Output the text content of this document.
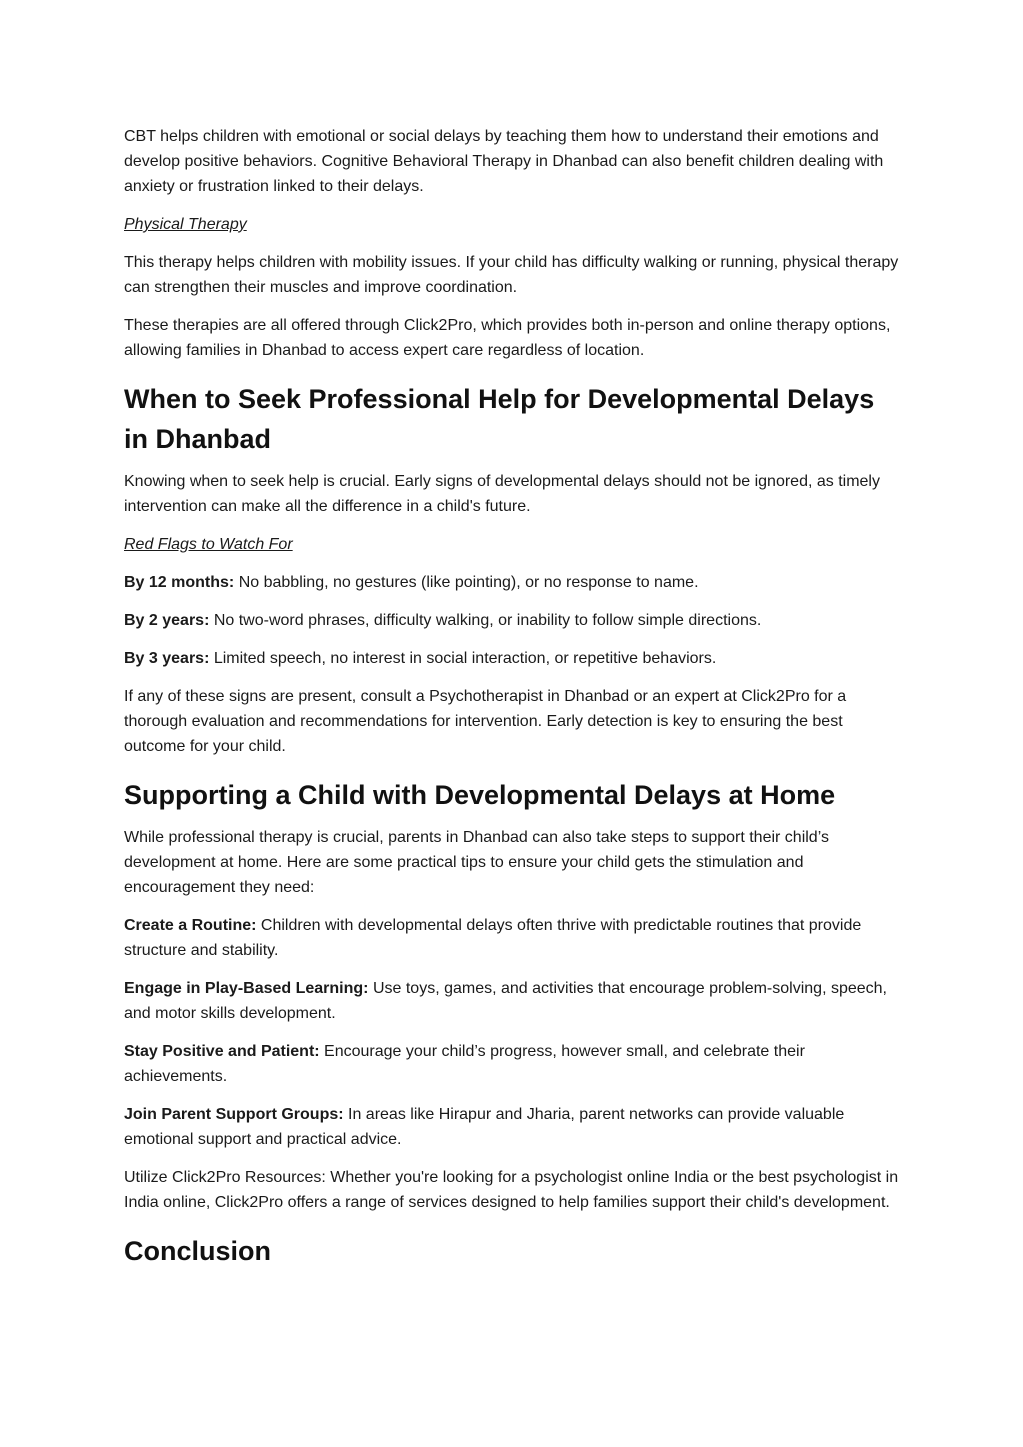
CBT helps children with emotional or social delays by teaching them how to understand their emotions and develop positive behaviors. Cognitive Behavioral Therapy in Dhanbad can also benefit children dealing with anxiety or frustration linked to their delays.

Physical Therapy

This therapy helps children with mobility issues. If your child has difficulty walking or running, physical therapy can strengthen their muscles and improve coordination.

These therapies are all offered through Click2Pro, which provides both in-person and online therapy options, allowing families in Dhanbad to access expert care regardless of location.

When to Seek Professional Help for Developmental Delays in Dhanbad

Knowing when to seek help is crucial. Early signs of developmental delays should not be ignored, as timely intervention can make all the difference in a child's future.

Red Flags to Watch For

By 12 months: No babbling, no gestures (like pointing), or no response to name.

By 2 years: No two-word phrases, difficulty walking, or inability to follow simple directions.

By 3 years: Limited speech, no interest in social interaction, or repetitive behaviors.

If any of these signs are present, consult a Psychotherapist in Dhanbad or an expert at Click2Pro for a thorough evaluation and recommendations for intervention. Early detection is key to ensuring the best outcome for your child.

Supporting a Child with Developmental Delays at Home

While professional therapy is crucial, parents in Dhanbad can also take steps to support their child’s development at home. Here are some practical tips to ensure your child gets the stimulation and encouragement they need:

Create a Routine: Children with developmental delays often thrive with predictable routines that provide structure and stability.

Engage in Play-Based Learning: Use toys, games, and activities that encourage problem-solving, speech, and motor skills development.

Stay Positive and Patient: Encourage your child’s progress, however small, and celebrate their achievements.

Join Parent Support Groups: In areas like Hirapur and Jharia, parent networks can provide valuable emotional support and practical advice.

Utilize Click2Pro Resources: Whether you're looking for a psychologist online India or the best psychologist in India online, Click2Pro offers a range of services designed to help families support their child's development.

Conclusion
